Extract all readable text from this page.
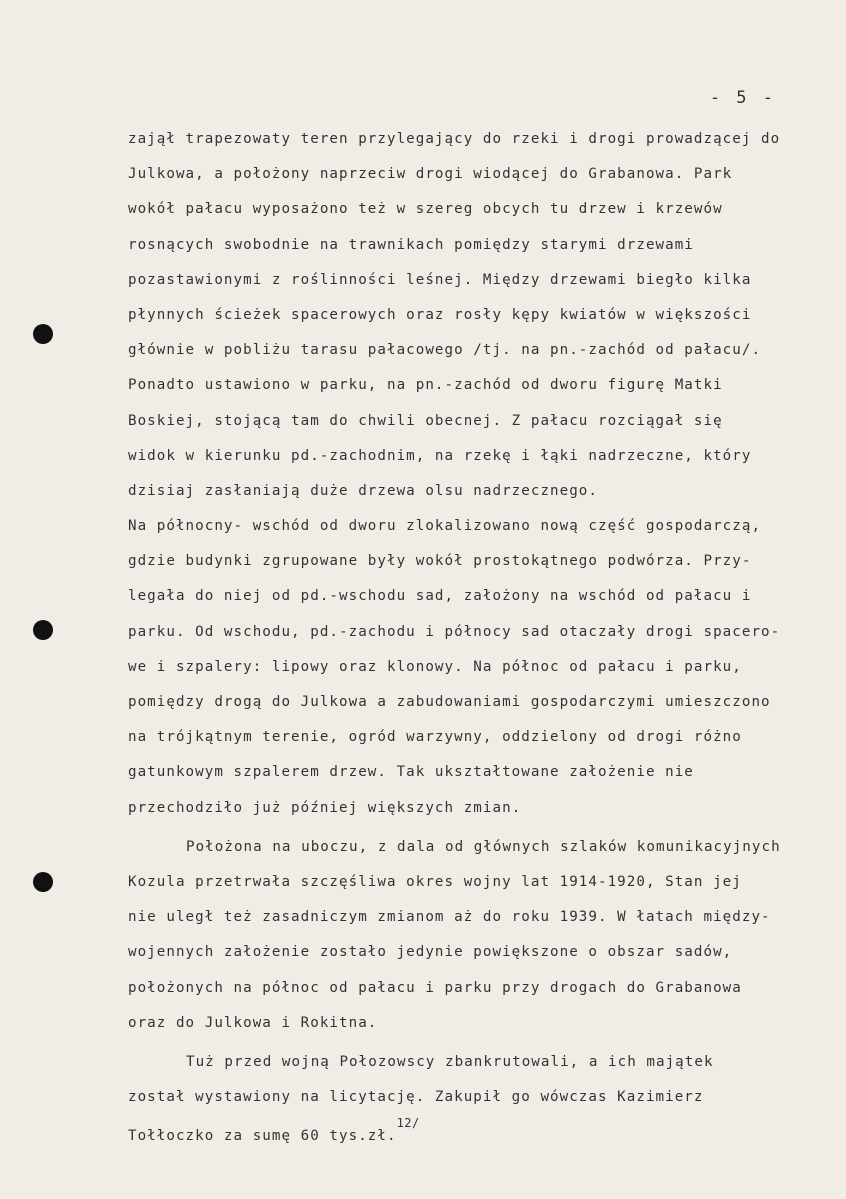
- 5 -
zajął trapezowaty teren przylegający do rzeki i drogi prowadzącej do
Julkowa, a położony naprzeciw drogi wiodącej do Grabanowa. Park
wokół pałacu wyposażono też w szereg obcych tu drzew i krzewów
rosnących swobodnie na trawnikach pomiędzy starymi drzewami
pozastawionymi z roślinności leśnej. Między drzewami biegło kilka
płynnych ścieżek spacerowych oraz rosły kępy kwiatów w większości
głównie w pobliżu tarasu pałacowego /tj. na pn.-zachód od pałacu/.
Ponadto ustawiono w parku, na pn.-zachód od dworu figurę Matki
Boskiej, stojącą tam do chwili obecnej. Z pałacu rozciągał się
widok w kierunku pd.-zachodnim, na rzekę i łąki nadrzeczne, który
dzisiaj zasłaniają duże drzewa olsu nadrzecznego.
Na północny- wschód od dworu zlokalizowano nową część gospodarczą,
gdzie budynki zgrupowane były wokół prostokątnego podwórza. Przy-
legała do niej od pd.-wschodu sad, założony na wschód od pałacu i
parku. Od wschodu, pd.-zachodu i północy sad otaczały drogi spacero-
we i szpalery: lipowy oraz klonowy. Na północ od pałacu i parku,
pomiędzy drogą do Julkowa a zabudowaniami gospodarczymi umieszczono
na trójkątnym terenie, ogród warzywny, oddzielony od drogi różno
gatunkowym szpalerem drzew. Tak ukształtowane założenie nie
przechodziło już później większych zmian.
Położona na uboczu, z dala od głównych szlaków komunikacyjnych
Kozula przetrwała szczęśliwa okres wojny lat 1914-1920, Stan jej
nie uległ też zasadniczym zmianom aż do roku 1939. W łatach między-
wojennych założenie zostało jedynie powiększone o obszar sadów,
położonych na północ od pałacu i parku przy drogach do Grabanowa
oraz do Julkowa i Rokitna.
Tuż przed wojną Połozowscy zbankrutowali, a ich majątek
został wystawiony na licytację. Zakupił go wówczas Kazimierz
Tołłoczko za sumę 60 tys.zł.$^{12/}$
